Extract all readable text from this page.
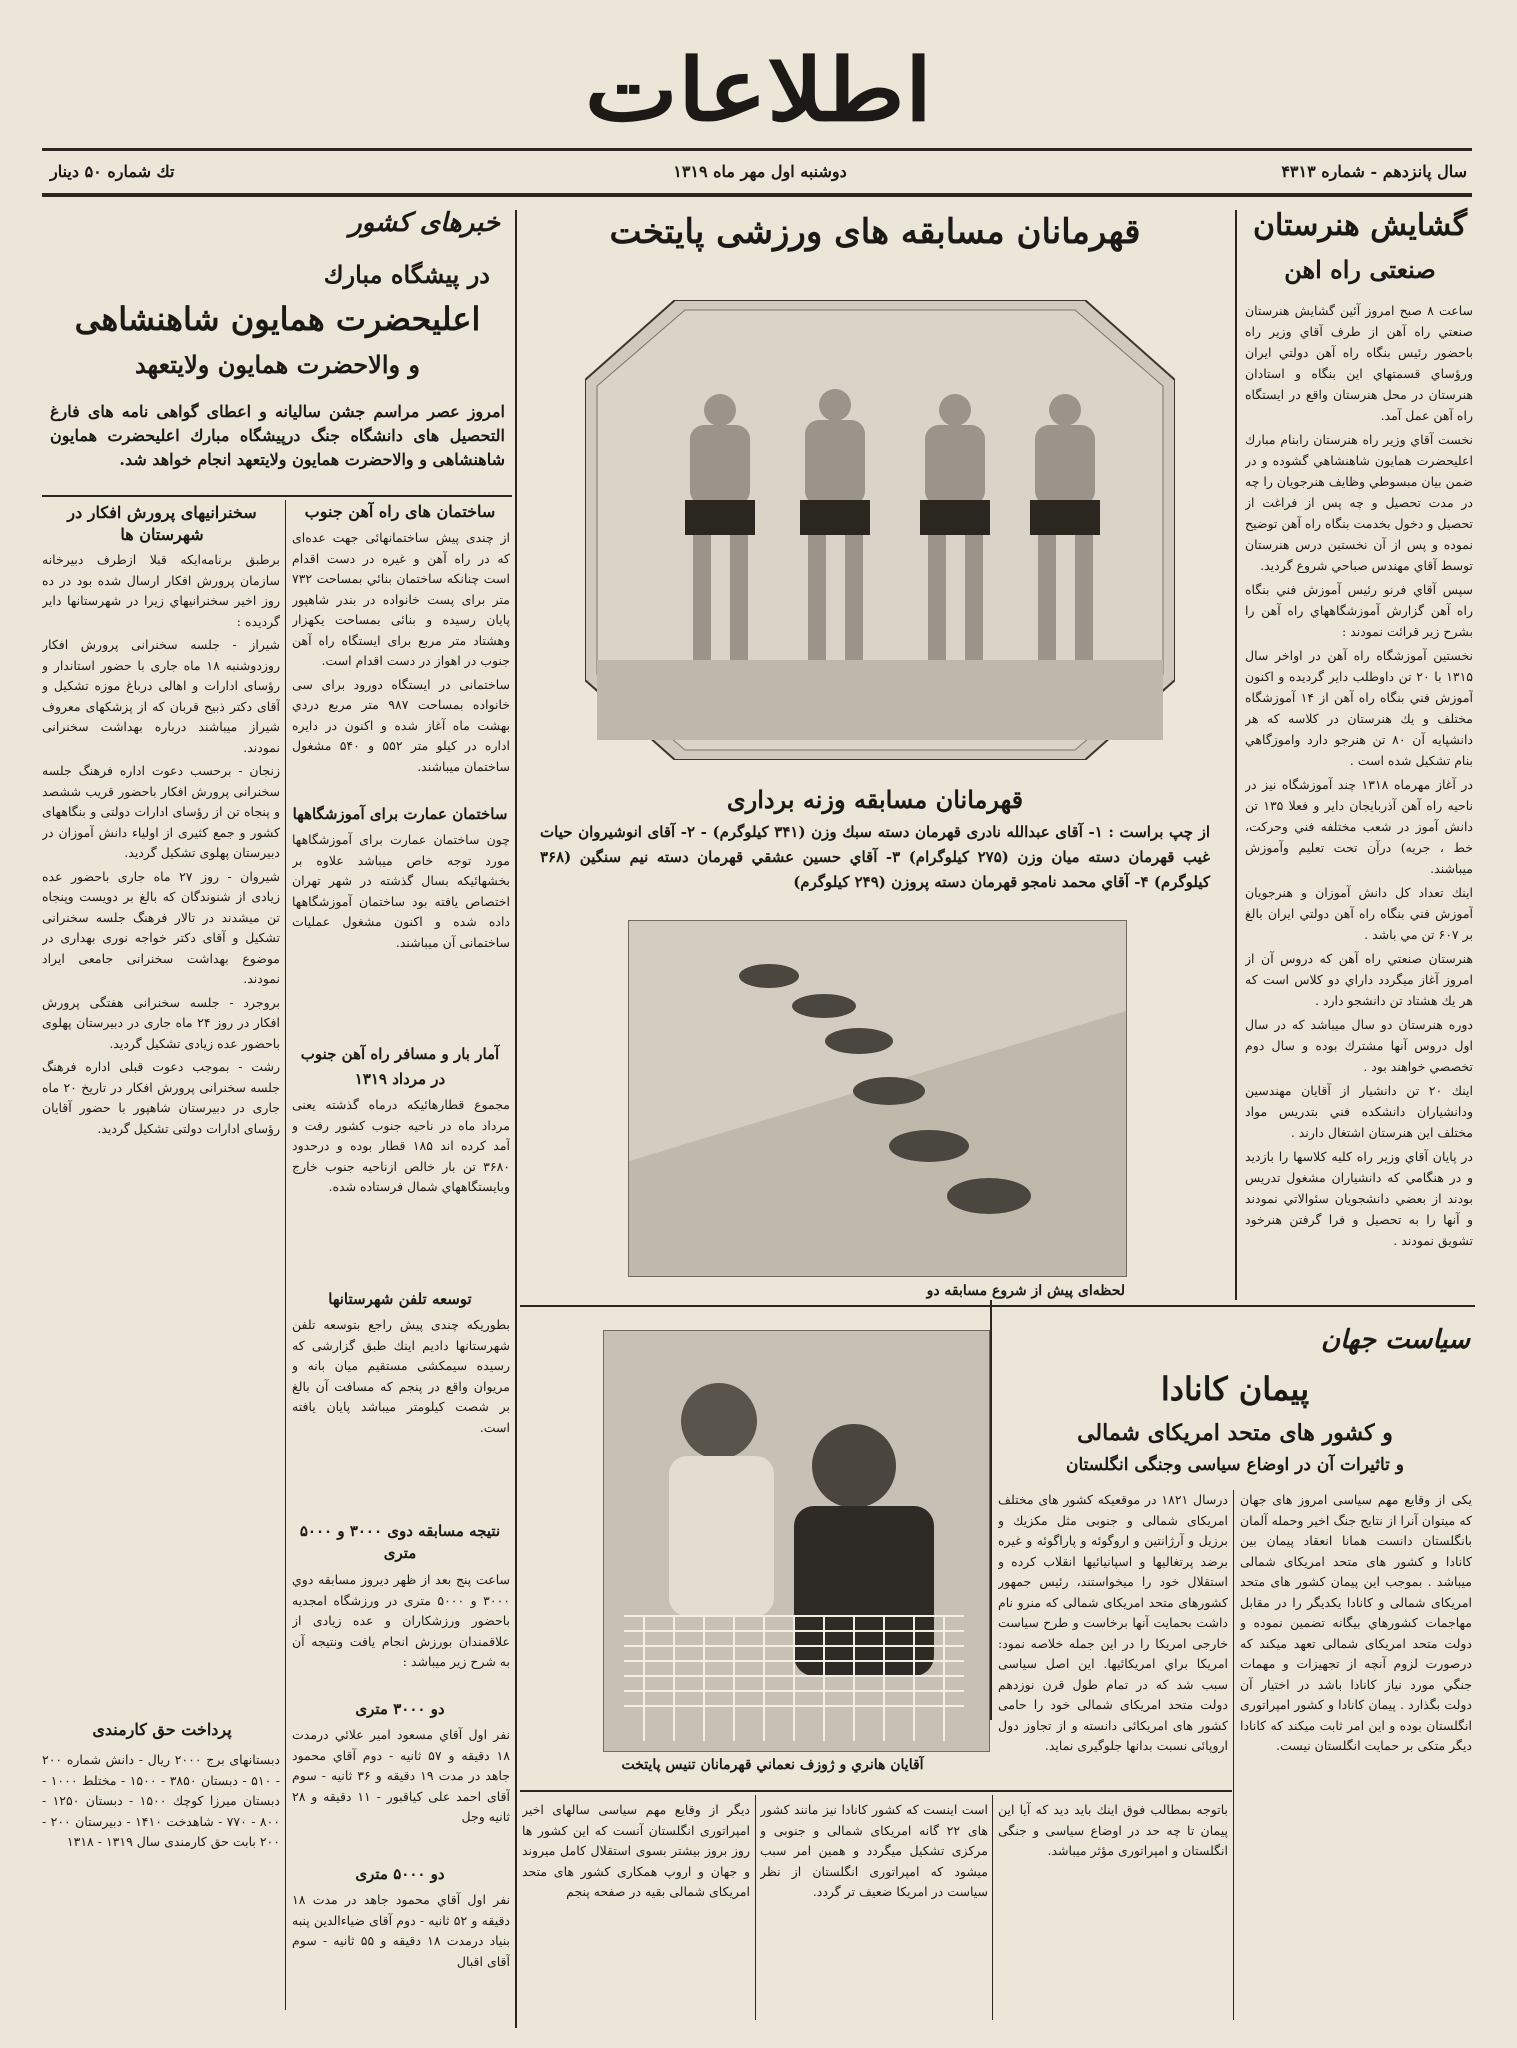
اطلاعات
سال پانزدهم - شماره ۴۳۱۳
دوشنبه اول مهر ماه ۱۳۱۹
تك شماره ۵۰ دينار
گشايش هنرستان
صنعتی راه اهن

ساعت ۸ صبح امروز آئين گشايش هنرستان صنعتي راه آهن از طرف آقاي وزير راه باحضور رئيس بنگاه راه آهن دولتي ايران ورؤساي قسمتهاي اين بنگاه و استادان هنرستان در محل هنرستان واقع در ايستگاه راه آهن عمل آمد.

نخست آقاي وزير راه هنرستان رابنام مبارك اعليحضرت همايون شاهنشاهي گشوده و در ضمن بيان مبسوطي وظايف هنرجويان را چه در مدت تحصيل و چه پس از فراغت از تحصيل و دخول بخدمت بنگاه راه آهن توضيح نموده و پس از آن نخستين درس هنرستان توسط آقاي مهندس صباحي شروع گرديد.

سپس آقاي فرنو رئيس آموزش فني بنگاه راه آهن گزارش آموزشگاههاي راه آهن را بشرح زير قرائت نمودند :

نخستين آموزشگاه راه آهن در اواخر سال ۱۳۱۵ با ۲۰ تن داوطلب داير گرديده و اكنون آموزش فني بنگاه راه آهن از ۱۴ آموزشگاه مختلف و يك هنرستان در كلاسه كه هر دانشپايه آن ۸۰ تن هنرجو دارد واموزگاهي بنام تشكيل شده است .

در آغاز مهرماه ۱۳۱۸ چند آموزشگاه نيز در ناحيه راه آهن آذربايجان داير و فعلا ۱۳۵ تن دانش آموز در شعب مختلفه فني وحركت، خط ، جريه) درآن تحت تعليم وآموزش ميباشند.

اينك تعداد كل دانش آموزان و هنرجويان آموزش فني بنگاه راه آهن دولتي ايران بالغ بر ۶۰۷ تن مي باشد .

هنرستان صنعتي راه آهن كه دروس آن از امروز آغاز ميگردد داراي دو كلاس است كه هر يك هشتاد تن دانشجو دارد .

دوره هنرستان دو سال ميباشد كه در سال اول دروس آنها مشترك بوده و سال دوم تخصصي خواهند بود .

اينك ۲۰ تن دانشيار از آقايان مهندسين ودانشياران دانشكده فني بتدريس مواد مختلف اين هنرستان اشتغال دارند .

در پايان آقاي وزير راه كليه كلاسها را بازديد و در هنگامي كه دانشياران مشغول تدريس بودند از بعضي دانشجويان سئوالاتي نمودند و آنها را به تحصيل و فرا گرفتن هنرخود تشويق نمودند .

قهرمانان مسابقه های ورزشی پایتخت
قهرمانان مسابقه وزنه برداری
از چپ براست : ۱- آقای عبدالله نادری قهرمان دسته سبك وزن (۳۴۱ كيلوگرم) - ۲- آقای انوشيروان حيات غيب قهرمان دسته ميان وزن (۲۷۵ كيلوگرام) ۳- آقاي حسين عشقي قهرمان دسته نيم سنگين (۳۶۸ كيلوگرم) ۴- آقاي محمد نامجو قهرمان دسته پروزن (۲۴۹ كيلوگرم)
لحظه‌ای پیش از شروع مسابقه دو
خبرهای کشور
در پیشگاه مبارك
اعلیحضرت همایون شاهنشاهی
و والاحضرت همایون ولایتعهد
امروز عصر مراسم جشن سالیانه و اعطای گواهی نامه های فارغ التحصیل های دانشگاه جنگ درپیشگاه مبارك اعلیحضرت همایون شاهنشاهی و والاحضرت همایون ولایتعهد انجام خواهد شد.
سخنرانيهای پرورش افكار در شهرستان ها

برطبق برنامه‌ایكه قبلا ازطرف دبيرخانه سازمان پرورش افكار ارسال شده بود در ده روز اخير سخنرانيهاي زيرا در شهرستانها داير گرديده :

شیراز - جلسه سخنرانی پرورش افكار روزدوشنبه ۱۸ ماه جاری با حضور استاندار و رؤسای ادارات و اهالی درباغ موزه تشكيل و آقای دكتر ذبيح قربان كه از پزشكهای معروف شيراز ميباشند درباره بهداشت سخنرانی نمودند.

زنجان - برحسب دعوت اداره فرهنگ جلسه سخنرانی پرورش افكار باحضور قريب ششصد و پنجاه تن از رؤسای ادارات دولتی و بنگاههای كشور و جمع كثيری از اولياء دانش آموزان در دبيرستان پهلوی تشكيل گرديد.

شیروان - روز ۲۷ ماه جاری باحضور عده زيادی از شنوندگان كه بالغ بر دويست وپنجاه تن ميشدند در تالار فرهنگ جلسه سخنرانی تشكيل و آقای دكتر خواجه نوری بهداری در موضوع بهداشت سخنرانی جامعی ايراد نمودند.

بروجرد - جلسه سخنرانی هفتگی پرورش افكار در روز ۲۴ ماه جاری در دبيرستان پهلوی باحضور عده زيادی تشكيل گرديد.

رشت - بموجب دعوت قبلی اداره فرهنگ جلسه سخنرانی پرورش افكار در تاريخ ۲۰ ماه جاری در دبيرستان شاهپور با حضور آقايان رؤسای ادارات دولتی تشكيل گرديد.

پرداخت حق كارمندی
دبستانهای برج ۲۰۰۰ ريال - دانش شماره ۲۰۰ - ۵۱۰ - دبستان ۳۸۵۰ - ۱۵۰۰ - مختلط ۱۰۰۰ - دبستان ميرزا كوچك ۱۵۰۰ - دبستان ۱۲۵۰ - ۸۰۰ - ۷۷۰ - شاهدخت ۱۴۱۰ - دبيرستان ۲۰۰ - ۲۰۰ بابت حق كارمندی سال ۱۳۱۹ - ۱۳۱۸
ساختمان های راه آهن جنوب

از چندی پيش ساختمانهائی جهت عده‌ای كه در راه آهن و غيره در دست اقدام است چنانكه ساختمان بنائي بمساحت ۷۳۲ متر برای پست خانواده در بندر شاهپور پايان رسيده و بنائی بمساحت يكهزار وهشتاد متر مربع برای ايستگاه راه آهن جنوب در اهواز در دست اقدام است.

ساختمانی در ايستگاه دورود برای سی خانواده بمساحت ۹۸۷ متر مربع دردي بهشت ماه آغاز شده و اكنون در دايره اداره در كيلو متر ۵۵۲ و ۵۴۰ مشغول ساختمان ميباشند.

ساختمان عمارت برای آموزشگاهها
چون ساختمان عمارت برای آموزشگاهها مورد توجه خاص ميباشد علاوه بر بخشهائيكه بسال گذشته در شهر تهران اختصاص يافته بود ساختمان آموزشگاهها داده شده و اكنون مشغول عمليات ساختمانی آن ميباشند.
آمار بار و مسافر راه آهن جنوب
در مرداد ۱۳۱۹
مجموع قطارهائيكه درماه گذشته يعنی مرداد ماه در ناحيه جنوب كشور رفت و آمد كرده اند ۱۸۵ قطار بوده و درحدود ۳۶۸۰ تن بار خالص ازناحيه جنوب خارج وبايستگاههاي شمال فرستاده شده.
توسعه تلفن شهرستانها
بطوريكه چندی پيش راجع بتوسعه تلفن شهرستانها داديم اينك طبق گزارشی كه رسيده سيمكشی مستقيم ميان بانه و مريوان واقع در پنجم كه مسافت آن بالغ بر شصت كيلومتر ميباشد پايان يافته است.
نتیجه مسابقه دوی ۳۰۰۰ و ۵۰۰۰ متری
ساعت پنج بعد از ظهر ديروز مسابقه دوي ۳۰۰۰ و ۵۰۰۰ متری در ورزشگاه امجديه باحضور ورزشكاران و عده زيادی از علاقمندان بورزش انجام يافت ونتيجه آن به شرح زير ميباشد :
دو ۳۰۰۰ متری
نفر اول آقاي مسعود امير علائي درمدت ۱۸ دقيقه و ۵۷ ثانيه - دوم آقاي محمود جاهد در مدت ۱۹ دقيقه و ۳۶ ثانيه - سوم آقای احمد علی كياقبور - ۱۱ دقيقه و ۲۸ ثانيه وجل
دو ۵۰۰۰ متری
نفر اول آقاي محمود جاهد در مدت ۱۸ دقيقه و ۵۲ ثانيه - دوم آقای ضياءالدين پنبه بنياد درمدت ۱۸ دقيقه و ۵۵ ثانيه - سوم آقای اقبال
آقايان هانري و ژوزف نعماني قهرمانان تنيس پايتخت
سیاست جهان
پیمان کانادا
و کشور های متحد امریکای شمالی
و تاثیرات آن در اوضاع سیاسی وجنگی انگلستان
يكی از وقايع مهم سياسی امروز های جهان كه ميتوان آنرا از نتايج جنگ اخير وحمله آلمان بانگلستان دانست همانا انعقاد پيمان بين كانادا و كشور های متحد امريكای شمالی ميباشد . بموجب اين پيمان كشور های متحد امريكای شمالی و كانادا يكديگر را در مقابل مهاجمات كشورهاي بيگانه تضمين نموده و دولت متحد امريكای شمالی تعهد ميكند كه درصورت لزوم آنچه از تجهيزات و مهمات جنگي مورد نياز كانادا باشد در اختيار آن دولت بگذارد . پيمان كانادا و كشور امپراتوری انگلستان بوده و اين امر ثابت ميكند كه كانادا ديگر متكی بر حمايت انگلستان نيست.
درسال ۱۸۲۱ در موقعيكه كشور های مختلف امريكای شمالی و جنوبی مثل مكزيك و برزيل و آرژانتين و اروگوئه و پاراگوئه و غيره برضد پرتغاليها و اسپانيائيها انقلاب كرده و استقلال خود را ميخواستند، رئيس جمهور كشورهای متحد امريكای شمالی كه منرو نام داشت بحمايت آنها برخاست و طرح سياست خارجی امريكا را در اين جمله خلاصه نمود: امريكا براي امريكائيها. اين اصل سياسی سبب شد كه در تمام طول قرن نوزدهم دولت متحد امريكای شمالی خود را حامی كشور های امريكائی دانسته و از تجاوز دول اروپائی نسبت بدانها جلوگيری نمايد.
باتوجه بمطالب فوق اينك بايد ديد كه آيا اين پيمان تا چه حد در اوضاع سياسی و جنگی انگلستان و امپراتوری مؤثر ميباشد.
است اينست كه كشور كانادا نيز مانند كشور های ۲۲ گانه امريكای شمالی و جنوبی و مركزی تشكيل ميگردد و همين امر سبب ميشود كه امپراتوری انگلستان از نظر سياست در امريكا ضعيف تر گردد.
ديگر از وقايع مهم سياسی سالهای اخير امپراتوری انگلستان آنست كه اين كشور ها روز بروز بيشتر بسوی استقلال كامل ميروند و جهان و اروپ همكاری كشور های متحد امريكای شمالی بقيه در صفحه پنجم
